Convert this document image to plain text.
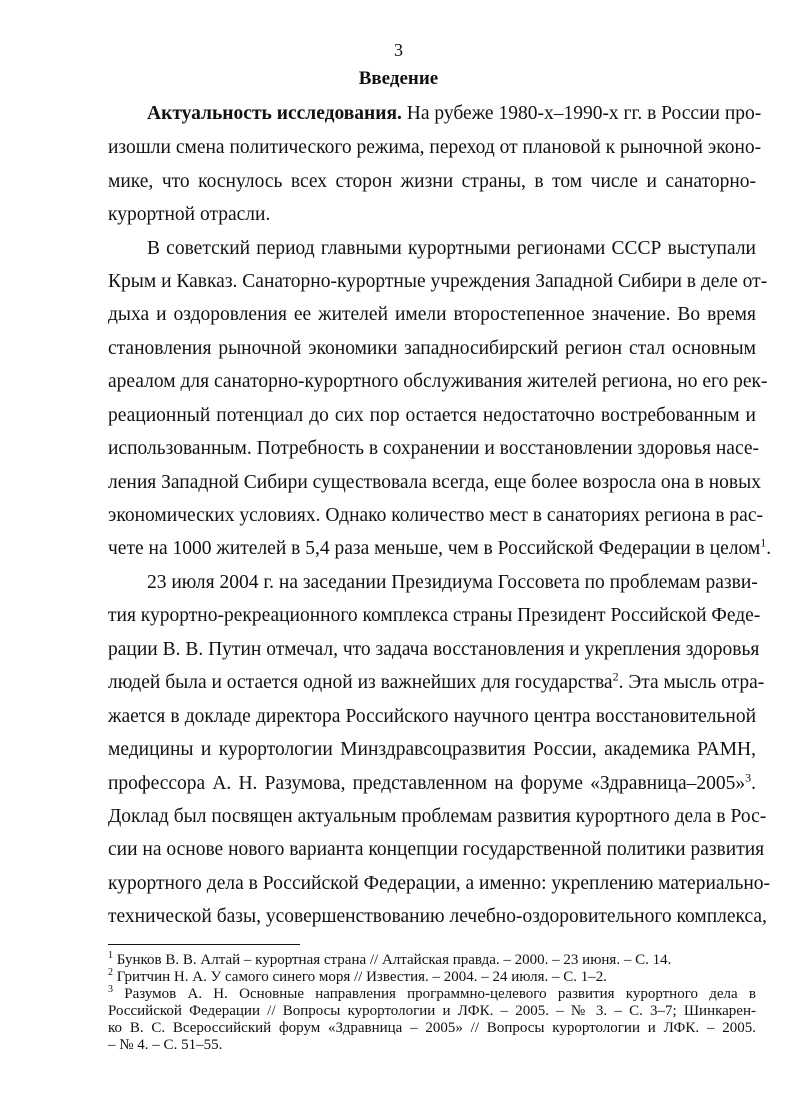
3
Введение
Актуальность исследования. На рубеже 1980-х–1990-х гг. в России про-
изошли смена политического режима, переход от плановой к рыночной эконо-
мике, что коснулось всех сторон жизни страны, в том числе и санаторно-
курортной отрасли.
В советский период главными курортными регионами СССР выступали
Крым и Кавказ. Санаторно-курортные учреждения Западной Сибири в деле от-
дыха и оздоровления ее жителей имели второстепенное значение. Во время
становления рыночной экономики западносибирский регион стал основным
ареалом для санаторно-курортного обслуживания жителей региона, но его рек-
реационный потенциал до сих пор остается недостаточно востребованным и
использованным. Потребность в сохранении и восстановлении здоровья насе-
ления Западной Сибири существовала всегда, еще более возросла она в новых
экономических условиях. Однако количество мест в санаториях региона в рас-
чете на 1000 жителей в 5,4 раза меньше, чем в Российской Федерации в целом$^1$.
23 июля 2004 г. на заседании Президиума Госсовета по проблемам разви-
тия курортно-рекреационного комплекса страны Президент Российской Феде-
рации В. В. Путин отмечал, что задача восстановления и укрепления здоровья
людей была и остается одной из важнейших для государства$^2$. Эта мысль отра-
жается в докладе директора Российского научного центра восстановительной
медицины и курортологии Минздравсоцразвития России, академика РАМН,
профессора А. Н. Разумова, представленном на форуме «Здравница–2005»$^3$.
Доклад был посвящен актуальным проблемам развития курортного дела в Рос-
сии на основе нового варианта концепции государственной политики развития
курортного дела в Российской Федерации, а именно: укреплению материально-
технической базы, усовершенствованию лечебно-оздоровительного комплекса,
$^1$ Бунков В. В. Алтай – курортная страна // Алтайская правда. – 2000. – 23 июня. – С. 14.
$^2$ Гритчин Н. А. У самого синего моря // Известия. – 2004. – 24 июля. – С. 1–2.
$^3$ Разумов А. Н. Основные направления программно-целевого развития курортного дела в
Российской Федерации // Вопросы курортологии и ЛФК. – 2005. – № 3. – С. 3–7; Шинкарен-
ко В. С. Всероссийский форум «Здравница – 2005» // Вопросы курортологии и ЛФК. – 2005.
– № 4. – С. 51–55.
